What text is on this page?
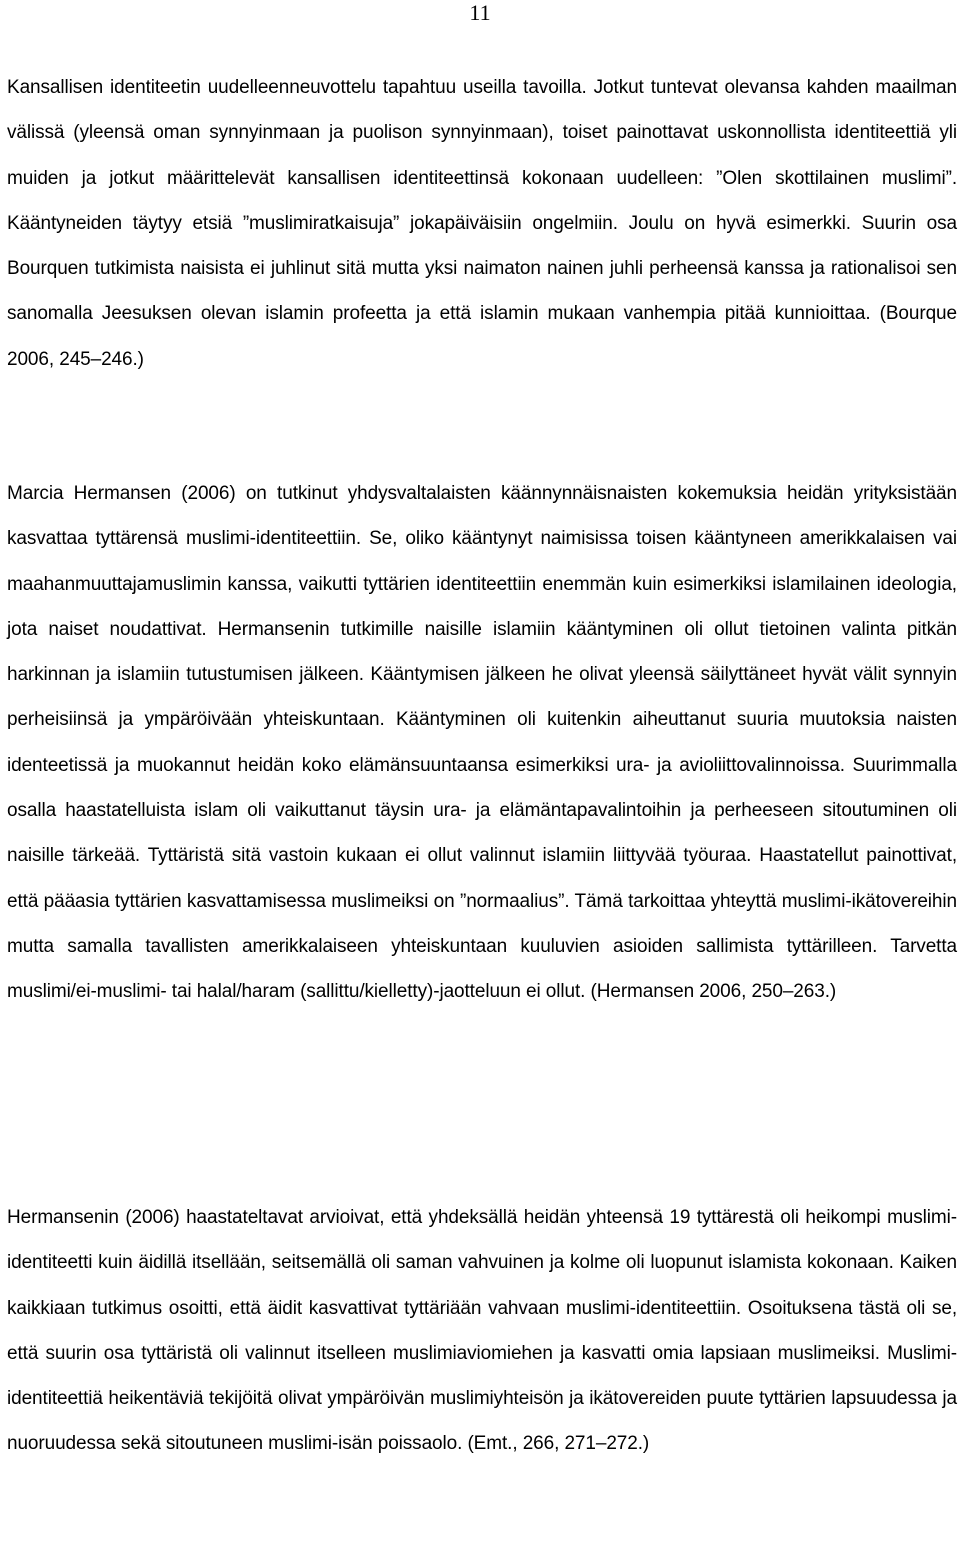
11

Kansallisen identiteetin uudelleenneuvottelu tapahtuu useilla tavoilla. Jotkut tuntevat olevansa kahden maailman välissä (yleensä oman synnyinmaan ja puolison synnyinmaan), toiset painottavat uskonnollista identiteettiä yli muiden ja jotkut määrittelevät kansallisen identiteettinsä kokonaan uudelleen: ”Olen skottilainen muslimi”. Kääntyneiden täytyy etsiä ”muslimiratkaisuja” jokapäiväisiin ongelmiin. Joulu on hyvä esimerkki. Suurin osa Bourquen tutkimista naisista ei juhlinut sitä mutta yksi naimaton nainen juhli perheensä kanssa ja rationalisoi sen sanomalla Jeesuksen olevan islamin profeetta ja että islamin mukaan vanhempia pitää kunnioittaa. (Bourque 2006, 245–246.)

Marcia Hermansen (2006) on tutkinut yhdysvaltalaisten käännynnäisnaisten kokemuksia heidän yrityksistään kasvattaa tyttärensä muslimi-identiteettiin. Se, oliko kääntynyt naimisissa toisen kääntyneen amerikkalaisen vai maahanmuuttajamuslimin kanssa, vaikutti tyttärien identiteettiin enemmän kuin esimerkiksi islamilainen ideologia, jota naiset noudattivat. Hermansenin tutkimille naisille islamiin kääntyminen oli ollut tietoinen valinta pitkän harkinnan ja islamiin tutustumisen jälkeen. Kääntymisen jälkeen he olivat yleensä säilyttäneet hyvät välit synnyin perheisiinsä ja ympäröivään yhteiskuntaan. Kääntyminen oli kuitenkin aiheuttanut suuria muutoksia naisten identeetissä ja muokannut heidän koko elämänsuuntaansa esimerkiksi ura- ja avioliittovalinnoissa. Suurimmalla osalla haastatelluista islam oli vaikuttanut täysin ura- ja elämäntapavalintoihin ja perheeseen sitoutuminen oli naisille tärkeää. Tyttäristä sitä vastoin kukaan ei ollut valinnut islamiin liittyvää työuraa. Haastatellut painottivat, että pääasia tyttärien kasvattamisessa muslimeiksi on ”normaalius”. Tämä tarkoittaa yhteyttä muslimi-ikätovereihin mutta samalla tavallisten amerikkalaiseen yhteiskuntaan kuuluvien asioiden sallimista tyttärilleen. Tarvetta muslimi/ei-muslimi- tai halal/haram (sallittu/kielletty)-jaotteluun ei ollut. (Hermansen 2006, 250–263.)

Hermansenin (2006) haastateltavat arvioivat, että yhdeksällä heidän yhteensä 19 tyttärestä oli heikompi muslimi-identiteetti kuin äidillä itsellään, seitsemällä oli saman vahvuinen ja kolme oli luopunut islamista kokonaan. Kaiken kaikkiaan tutkimus osoitti, että äidit kasvattivat tyttäriään vahvaan muslimi-identiteettiin. Osoituksena tästä oli se, että suurin osa tyttäristä oli valinnut itselleen muslimiaviomiehen ja kasvatti omia lapsiaan muslimeiksi. Muslimi-identiteettiä heikentäviä tekijöitä olivat ympäröivän muslimiyhteisön ja ikätovereiden puute tyttärien lapsuudessa ja nuoruudessa sekä sitoutuneen muslimi-isän poissaolo. (Emt., 266, 271–272.)
